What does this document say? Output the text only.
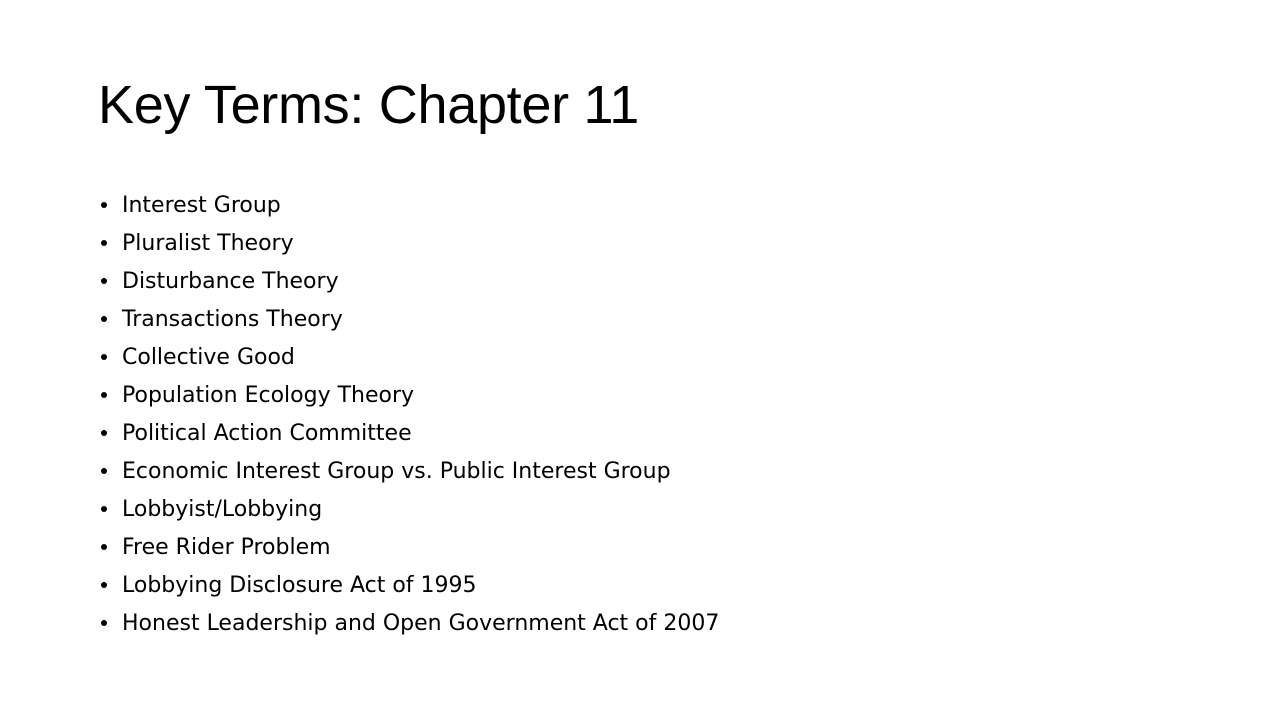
Key Terms: Chapter 11
Interest Group
Pluralist Theory
Disturbance Theory
Transactions Theory
Collective Good
Population Ecology Theory
Political Action Committee
Economic Interest Group vs. Public Interest Group
Lobbyist/Lobbying
Free Rider Problem
Lobbying Disclosure Act of 1995
Honest Leadership and Open Government Act of 2007
